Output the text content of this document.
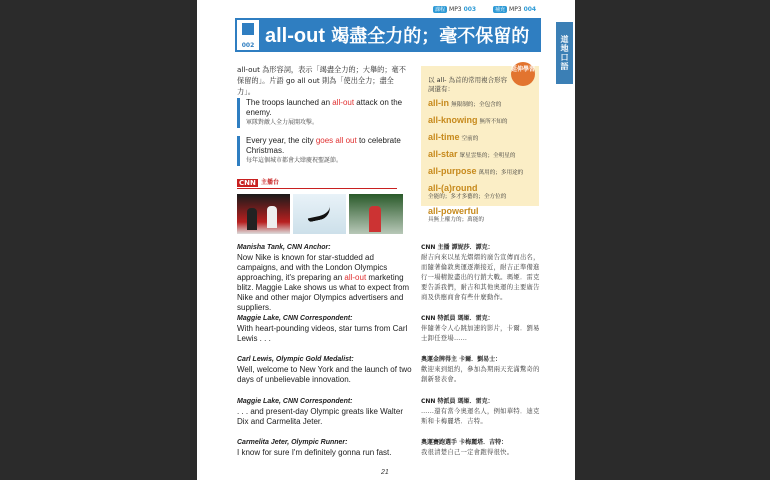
課程 MP3 003	補充 MP3 004
道地口語
002 all-out 竭盡全力的；毫不保留的
all-out 為形容詞，表示「竭盡全力的；大舉的；毫不保留的」。片語 go all out 則為「使出全力；盡全力」。
The troops launched an all-out attack on the enemy.
軍隊對敵人全力展開攻擊。
Every year, the city goes all out to celebrate Christmas.
每年這個城市都會大肆慶祝聖誕節。
延伸學習
以 all- 為首的常用複合形容詞還有：
all-in 無限制的；全包含的
all-knowing 無所不知的
all-time 空前的
all-star 眾星雲集的；全明星的
all-purpose 萬用的；多用途的
all-(a)round
全能的；多才多藝的；全方位的
all-powerful
具無上權力的；萬能的
CNN 主播台
Manisha Tank, CNN Anchor:
Now Nike is known for star-studded ad campaigns, and with the London Olympics approaching, it's preparing an all-out marketing blitz. Maggie Lake shows us what to expect from Nike and other major Olympics advertisers and suppliers.
Maggie Lake, CNN Correspondent:
With heart-pounding videos, star turns from Carl Lewis . . .
Carl Lewis, Olympic Gold Medalist:
Well, welcome to New York and the launch of two days of unbelievable innovation.
Maggie Lake, CNN Correspondent:
. . . and present-day Olympic greats like Walter Dix and Carmelita Jeter.
Carmelita Jeter, Olympic Runner:
I know for sure I'm definitely gonna run fast.
CNN 主播 譚妮莎．譚克：
耐吉向來以星光熠熠的廣告宣傳而出名，而隨著倫敦奧運逐漸接近，耐吉正準備進行一場精銳盡出的行銷大戰。瑪姬．雷克要告訴我們，耐吉和其他奧運的主要廣告商及供應商會有些什麼動作。
CNN 特派員 瑪姬．雷克：
伴隨著令人心跳加速的影片，卡爾．劉易士卸任登場……
奧運金牌得主 卡爾．劉易士：
歡迎來到紐約，參加為期兩天充滿驚奇的創新發表會。
CNN 特派員 瑪姬．雷克：
……還有當今奧運名人，例如華特．迪克斯和卡梅麗塔．吉特。
奧運賽跑選手 卡梅麗塔．吉特：
我很清楚自己一定會跑得很快。
21
